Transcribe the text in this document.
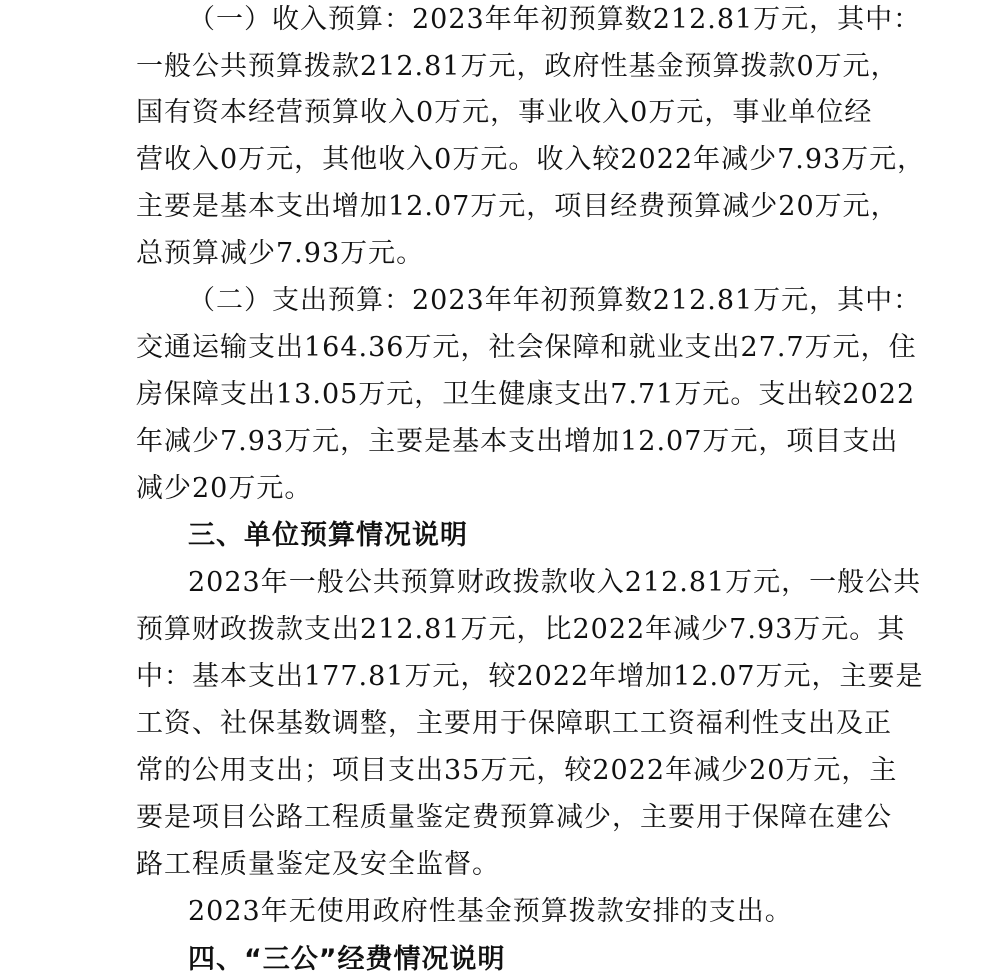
（一）收入预算：2023年年初预算数212.81万元，其中：
一般公共预算拨款212.81万元，政府性基金预算拨款0万元，
国有资本经营预算收入0万元，事业收入0万元，事业单位经
营收入0万元，其他收入0万元。收入较2022年减少7.93万元，
主要是基本支出增加12.07万元，项目经费预算减少20万元，
总预算减少7.93万元。
（二）支出预算：2023年年初预算数212.81万元，其中：
交通运输支出164.36万元，社会保障和就业支出27.7万元，住
房保障支出13.05万元，卫生健康支出7.71万元。支出较2022
年减少7.93万元，主要是基本支出增加12.07万元，项目支出
减少20万元。
三、单位预算情况说明
2023年一般公共预算财政拨款收入212.81万元，一般公共
预算财政拨款支出212.81万元，比2022年减少7.93万元。其
中：基本支出177.81万元，较2022年增加12.07万元，主要是
工资、社保基数调整，主要用于保障职工工资福利性支出及正
常的公用支出；项目支出35万元，较2022年减少20万元，主
要是项目公路工程质量鉴定费预算减少，主要用于保障在建公
路工程质量鉴定及安全监督。
2023年无使用政府性基金预算拨款安排的支出。
四、“三公”经费情况说明
